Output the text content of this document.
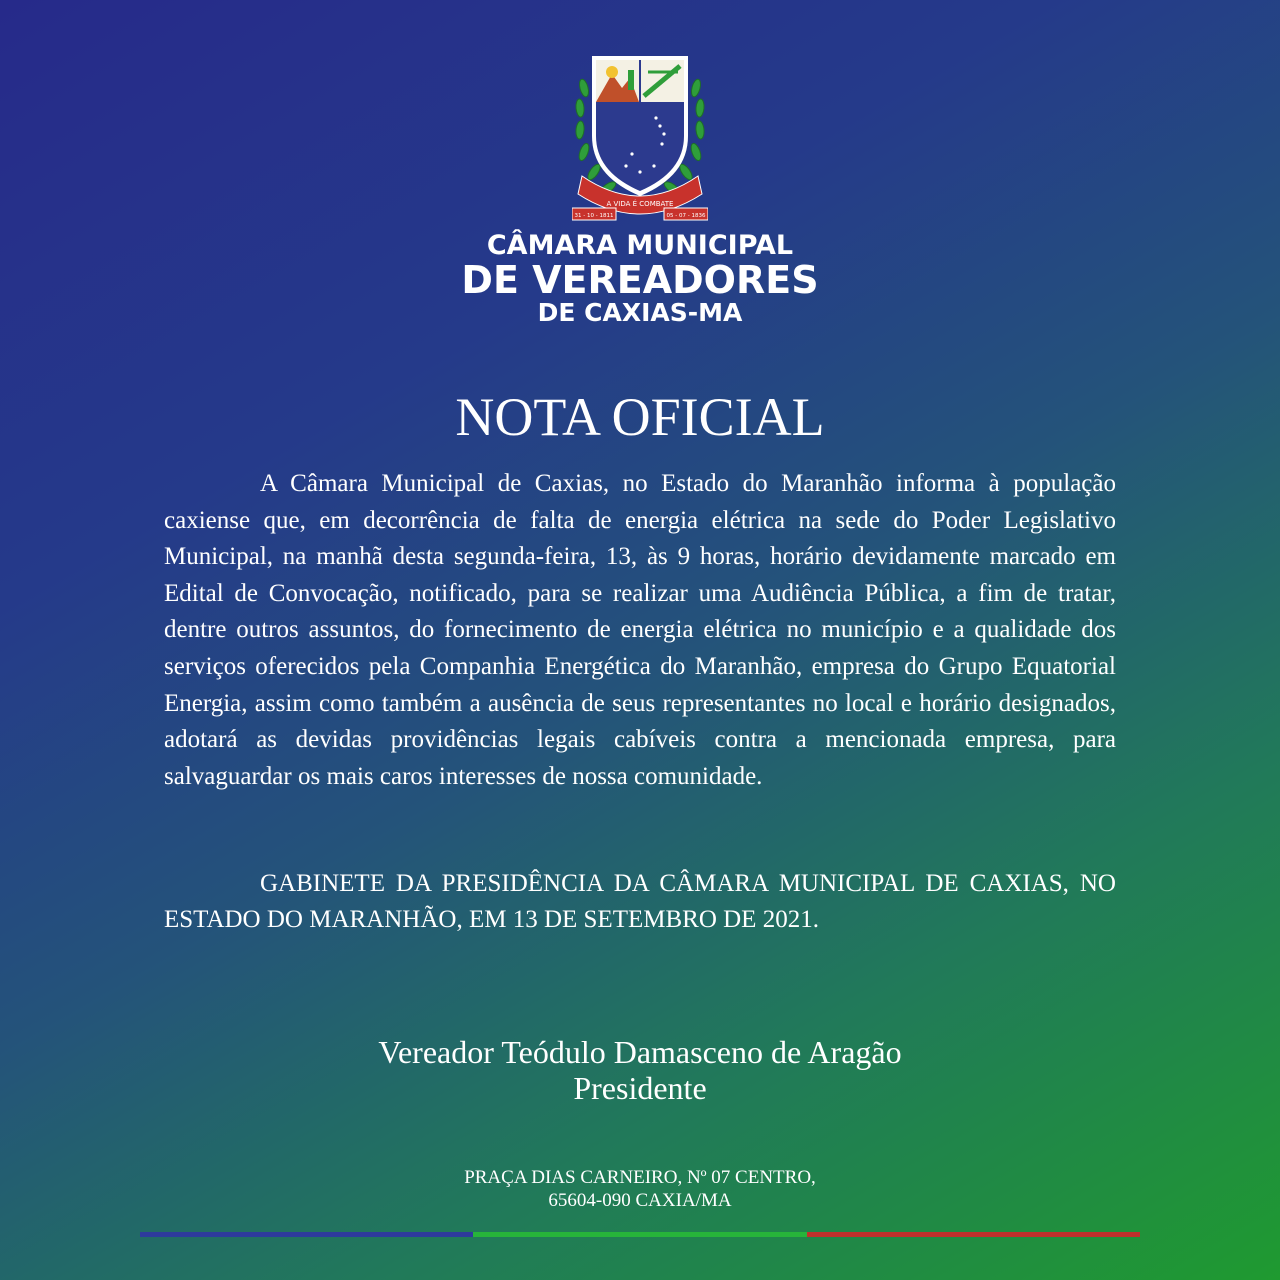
A VIDA É COMBATE
31 - 10 - 1811	05 - 07 - 1836
CÂMARA MUNICIPAL
DE VEREADORES
DE CAXIAS-MA
NOTA OFICIAL

A Câmara Municipal de Caxias, no Estado do Maranhão informa à população caxiense que, em decorrência de falta de energia elétrica na sede do Poder Legislativo Municipal, na manhã desta segunda-feira, 13, às 9 horas, horário devidamente marcado em Edital de Convocação, notificado, para se realizar uma Audiência Pública, a fim de tratar, dentre outros assuntos, do fornecimento de energia elétrica no município e a qualidade dos serviços oferecidos pela Companhia Energética do Maranhão, empresa do Grupo Equatorial Energia, assim como também a ausência de seus representantes no local e horário designados, adotará as devidas providências legais cabíveis contra a mencionada empresa, para salvaguardar os mais caros interesses de nossa comunidade.

GABINETE DA PRESIDÊNCIA DA CÂMARA MUNICIPAL DE CAXIAS, NO ESTADO DO MARANHÃO, EM 13 DE SETEMBRO DE 2021.

Vereador Teódulo Damasceno de Aragão
Presidente
PRAÇA DIAS CARNEIRO, Nº 07 CENTRO,
65604-090 CAXIA/MA
